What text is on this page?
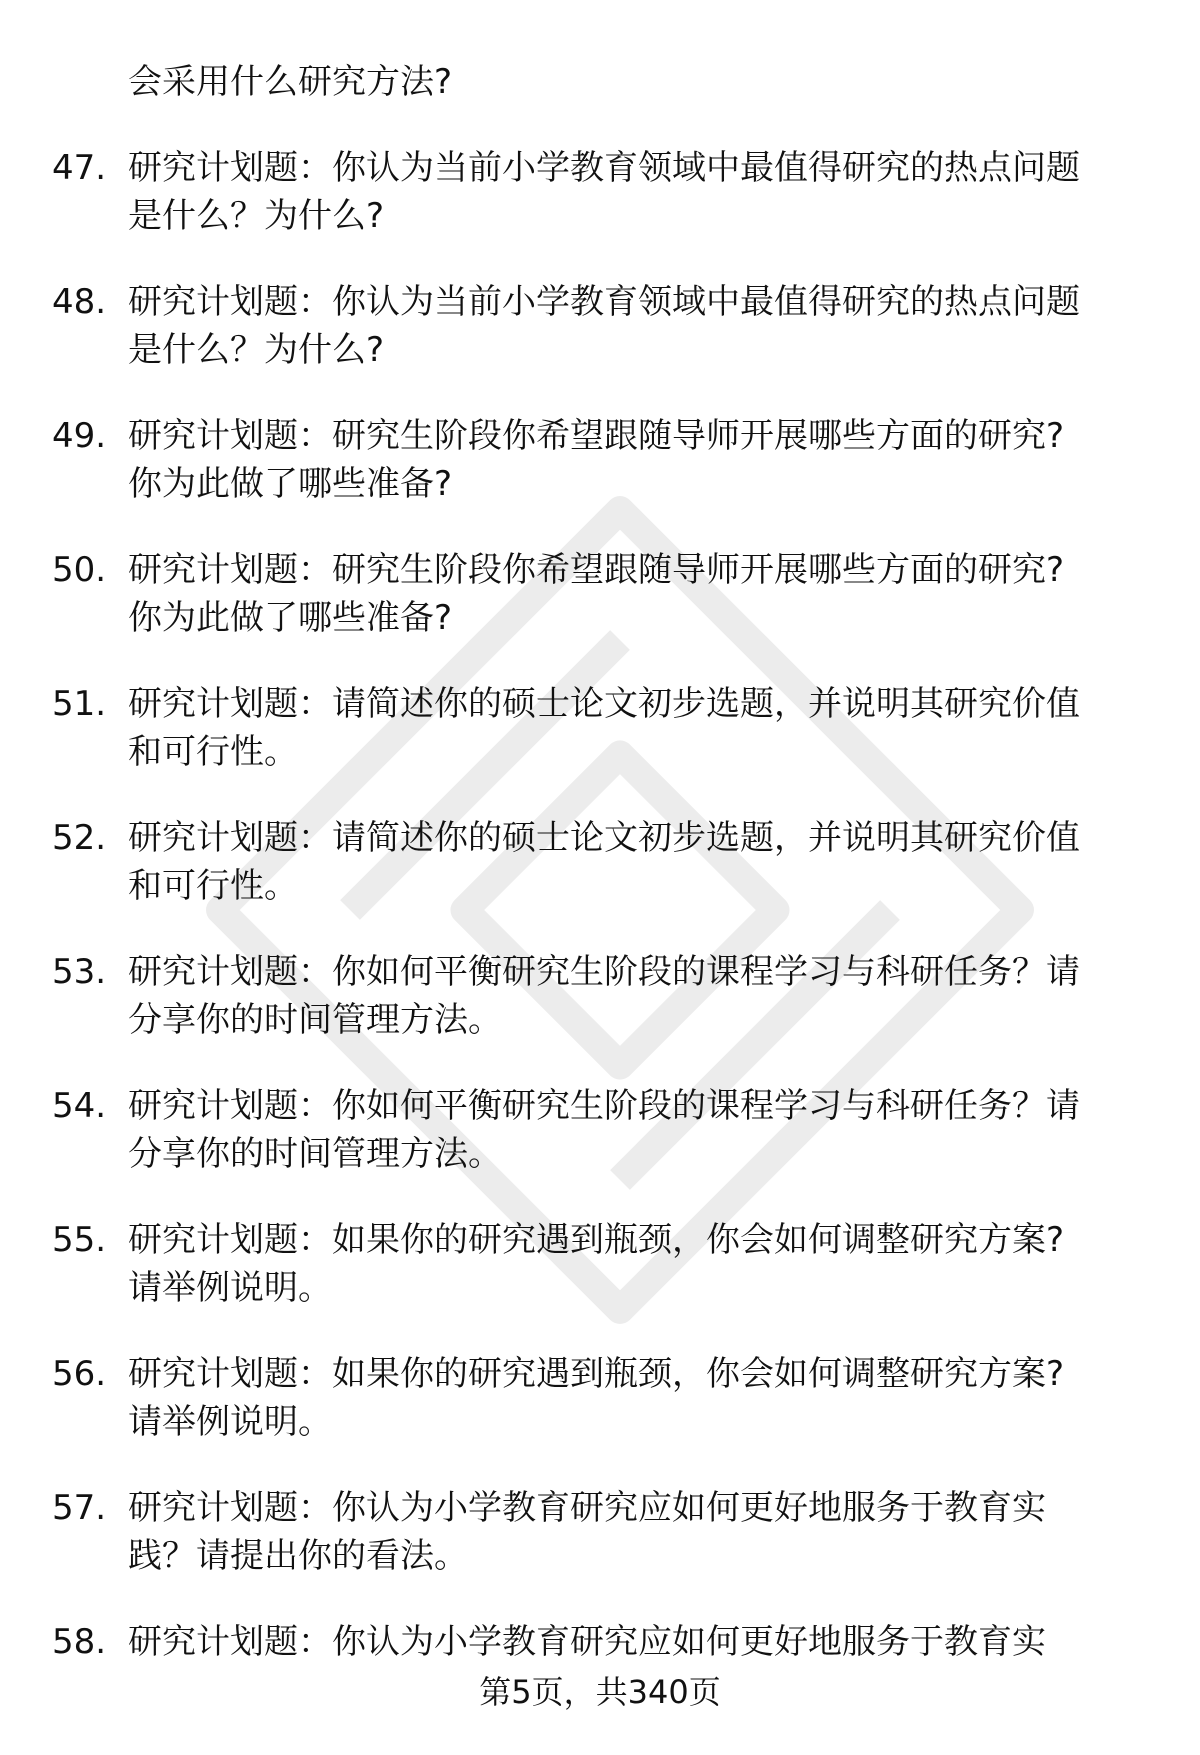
会采用什么研究方法?
47. 研究计划题：你认为当前小学教育领域中最值得研究的热点问题
是什么？为什么?
48. 研究计划题：你认为当前小学教育领域中最值得研究的热点问题
是什么？为什么?
49. 研究计划题：研究生阶段你希望跟随导师开展哪些方面的研究?
你为此做了哪些准备?
50. 研究计划题：研究生阶段你希望跟随导师开展哪些方面的研究?
你为此做了哪些准备?
51. 研究计划题：请简述你的硕士论文初步选题，并说明其研究价值
和可行性。
52. 研究计划题：请简述你的硕士论文初步选题，并说明其研究价值
和可行性。
53. 研究计划题：你如何平衡研究生阶段的课程学习与科研任务？请
分享你的时间管理方法。
54. 研究计划题：你如何平衡研究生阶段的课程学习与科研任务？请
分享你的时间管理方法。
55. 研究计划题：如果你的研究遇到瓶颈，你会如何调整研究方案?
请举例说明。
56. 研究计划题：如果你的研究遇到瓶颈，你会如何调整研究方案?
请举例说明。
57. 研究计划题：你认为小学教育研究应如何更好地服务于教育实
践？请提出你的看法。
58. 研究计划题：你认为小学教育研究应如何更好地服务于教育实
第5页，共340页
